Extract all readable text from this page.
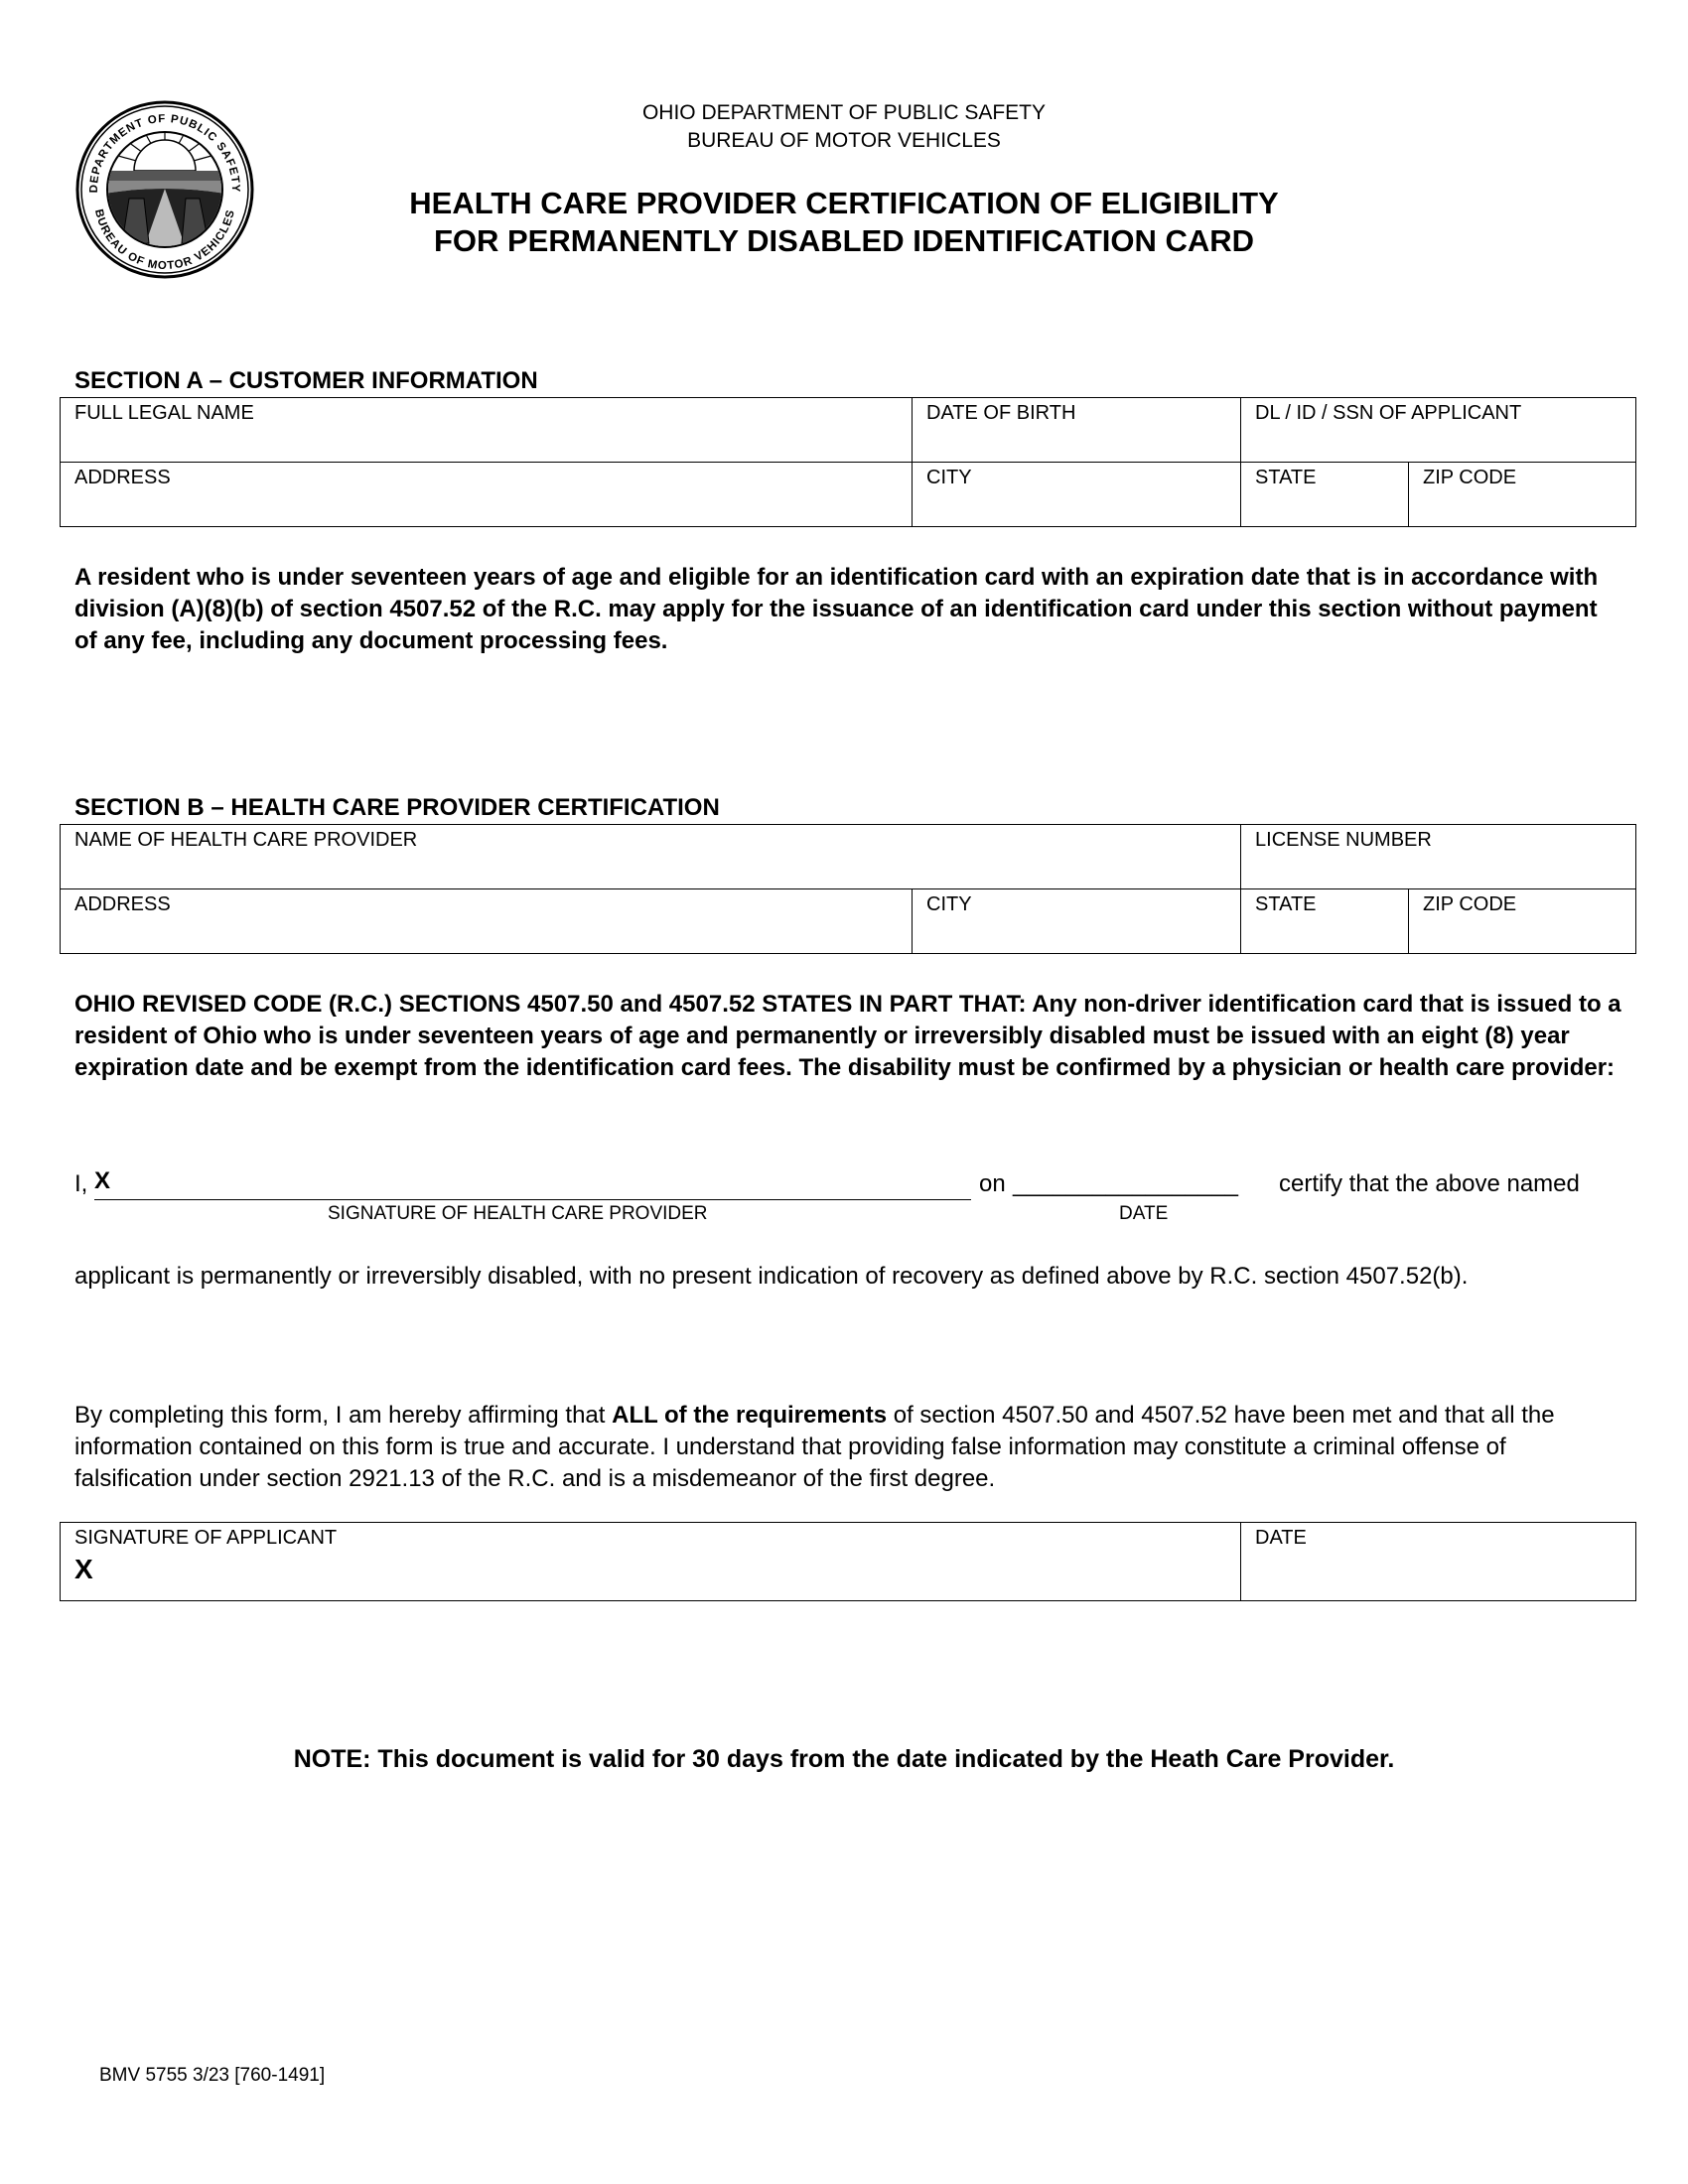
DEPARTMENT OF PUBLIC SAFETY
BUREAU OF MOTOR VEHICLES
OHIO DEPARTMENT OF PUBLIC SAFETY
BUREAU OF MOTOR VEHICLES
HEALTH CARE PROVIDER CERTIFICATION OF ELIGIBILITY
FOR PERMANENTLY DISABLED IDENTIFICATION CARD
SECTION A – CUSTOMER INFORMATION
FULL LEGAL NAME	DATE OF BIRTH	DL / ID / SSN OF APPLICANT	
ADDRESS	CITY	STATE	ZIP CODE
A resident who is under seventeen years of age and eligible for an identification card with an expiration date that is in accordance with division (A)(8)(b) of section 4507.52 of the R.C. may apply for the issuance of an identification card under this section without payment of any fee, including any document processing fees.
SECTION B – HEALTH CARE PROVIDER CERTIFICATION
NAME OF HEALTH CARE PROVIDER		LICENSE NUMBER	
ADDRESS	CITY	STATE	ZIP CODE
OHIO REVISED CODE (R.C.) SECTIONS 4507.50 and 4507.52 STATES IN PART THAT: Any non-driver identification card that is issued to a resident of Ohio who is under seventeen years of age and permanently or irreversibly disabled must be issued with an eight (8) year expiration date and be exempt from the identification card fees. The disability must be confirmed by a physician or health care provider:
I, X	on _________________ certify that the above named
SIGNATURE OF HEALTH CARE PROVIDER	DATE
applicant is permanently or irreversibly disabled, with no present indication of recovery as defined above by R.C. section 4507.52(b).
By completing this form, I am hereby affirming that ALL of the requirements of section 4507.50 and 4507.52 have been met and that all the information contained on this form is true and accurate. I understand that providing false information may constitute a criminal offense of falsification under section 2921.13 of the R.C. and is a misdemeanor of the first degree.
SIGNATURE OF APPLICANT
X
	DATE
NOTE: This document is valid for 30 days from the date indicated by the Heath Care Provider.
BMV 5755 3/23 [760-1491]
